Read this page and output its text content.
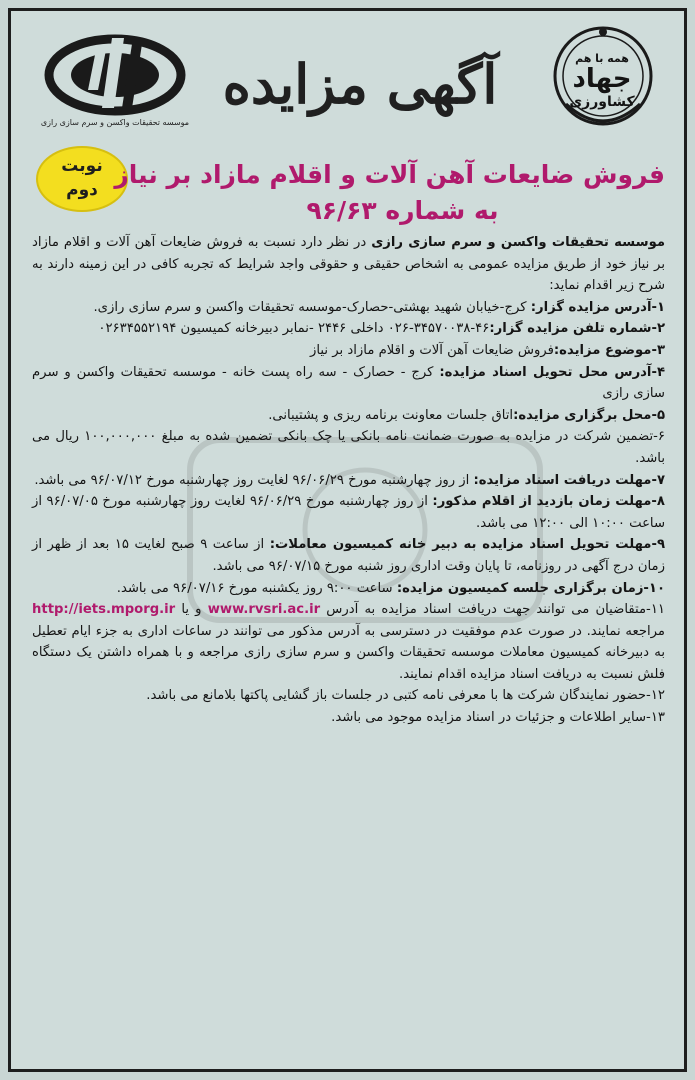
موسسه تحقیقات واکسن و سرم سازی رازی
همه با هم
جهاد
کشاورزی
آگهی مزایده
نوبت
دوم
فروش ضایعات آهن آلات و اقلام مازاد بر نیاز
به شماره ۹۶/۶۳

موسسه تحقیقات واکسن و سرم سازی رازی در نظر دارد نسبت به فروش ضایعات آهن آلات و اقلام مازاد بر نیاز خود از طریق مزایده عمومی به اشخاص حقیقی و حقوقی واجد شرایط که تجربه کافی در این زمینه دارند به شرح زیر اقدام نماید:

۱-آدرس مزایده گزار: کرج-خیابان شهید بهشتی-حصارک-موسسه تحقیقات واکسن و سرم سازی رازی.

۲-شماره تلفن مزایده گزار:۴۶-۳۴۵۷۰۰۳۸-۰۲۶ داخلی ۲۴۴۶ -نمابر دبیرخانه کمیسیون ۰۲۶۳۴۵۵۲۱۹۴

۳-موضوع مزایده:فروش ضایعات آهن آلات و اقلام مازاد بر نیاز

۴-آدرس محل تحویل اسناد مزایده: کرج - حصارک - سه راه پست خانه - موسسه تحقیقات واکسن و سرم سازی رازی

۵-محل برگزاری مزایده:اتاق جلسات معاونت برنامه ریزی و پشتیبانی.

۶-تضمین شرکت در مزایده به صورت ضمانت نامه بانکی یا چک بانکی تضمین شده به مبلغ ۱۰۰,۰۰۰,۰۰۰ ریال می باشد.

۷-مهلت دریافت اسناد مزایده: از روز چهارشنبه مورخ ۹۶/۰۶/۲۹ لغایت روز چهارشنبه مورخ ۹۶/۰۷/۱۲ می باشد.

۸-مهلت زمان بازدید از اقلام مذکور: از روز چهارشنبه مورخ ۹۶/۰۶/۲۹ لغایت روز چهارشنبه مورخ ۹۶/۰۷/۰۵ از ساعت ۱۰:۰۰ الی ۱۲:۰۰ می باشد.

۹-مهلت تحویل اسناد مزایده به دبیر خانه کمیسیون معاملات: از ساعت ۹ صبح لغایت ۱۵ بعد از ظهر از زمان درج آگهی در روزنامه، تا پایان وقت اداری روز شنبه مورخ ۹۶/۰۷/۱۵ می باشد.

۱۰-زمان برگزاری جلسه کمیسیون مزایده: ساعت ۹:۰۰ روز یکشنبه مورخ ۹۶/۰۷/۱۶ می باشد.

۱۱-متقاضیان می توانند جهت دریافت اسناد مزایده به آدرس www.rvsri.ac.ir و یا http://iets.mporg.ir مراجعه نمایند. در صورت عدم موفقیت در دسترسی به آدرس مذکور می توانند در ساعات اداری به جزء ایام تعطیل به دبیرخانه کمیسیون معاملات موسسه تحقیقات واکسن و سرم سازی رازی مراجعه و با همراه داشتن یک دستگاه فلش نسبت به دریافت اسناد مزایده اقدام نمایند.

۱۲-حضور نمایندگان شرکت ها با معرفی نامه کتبی در جلسات باز گشایی پاکتها بلامانع می باشد.

۱۳-سایر اطلاعات و جزئیات در اسناد مزایده موجود می باشد.
